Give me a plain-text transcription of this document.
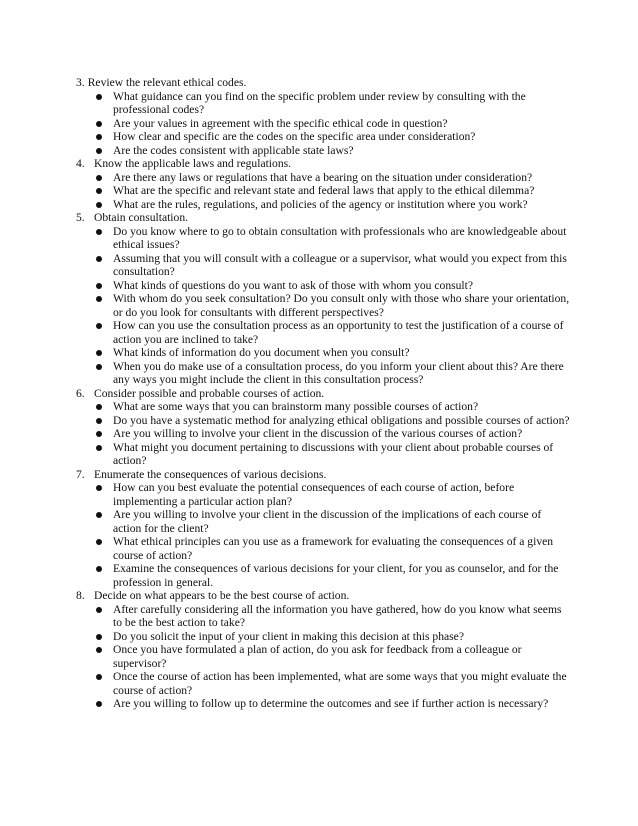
3. Review the relevant ethical codes.
What guidance can you find on the specific problem under review by consulting with the professional codes?
Are your values in agreement with the specific ethical code in question?
How clear and specific are the codes on the specific area under consideration?
Are the codes consistent with applicable state laws?
4. Know the applicable laws and regulations.
Are there any laws or regulations that have a bearing on the situation under consideration?
What are the specific and relevant state and federal laws that apply to the ethical dilemma?
What are the rules, regulations, and policies of the agency or institution where you work?
5. Obtain consultation.
Do you know where to go to obtain consultation with professionals who are knowledgeable about ethical issues?
Assuming that you will consult with a colleague or a supervisor, what would you expect from this consultation?
What kinds of questions do you want to ask of those with whom you consult?
With whom do you seek consultation? Do you consult only with those who share your orientation, or do you look for consultants with different perspectives?
How can you use the consultation process as an opportunity to test the justification of a course of action you are inclined to take?
What kinds of information do you document when you consult?
When you do make use of a consultation process, do you inform your client about this? Are there any ways you might include the client in this consultation process?
6. Consider possible and probable courses of action.
What are some ways that you can brainstorm many possible courses of action?
Do you have a systematic method for analyzing ethical obligations and possible courses of action?
Are you willing to involve your client in the discussion of the various courses of action?
What might you document pertaining to discussions with your client about probable courses of action?
7. Enumerate the consequences of various decisions.
How can you best evaluate the potential consequences of each course of action, before implementing a particular action plan?
Are you willing to involve your client in the discussion of the implications of each course of action for the client?
What ethical principles can you use as a framework for evaluating the consequences of a given course of action?
Examine the consequences of various decisions for your client, for you as counselor, and for the profession in general.
8. Decide on what appears to be the best course of action.
After carefully considering all the information you have gathered, how do you know what seems to be the best action to take?
Do you solicit the input of your client in making this decision at this phase?
Once you have formulated a plan of action, do you ask for feedback from a colleague or supervisor?
Once the course of action has been implemented, what are some ways that you might evaluate the course of action?
Are you willing to follow up to determine the outcomes and see if further action is necessary?
